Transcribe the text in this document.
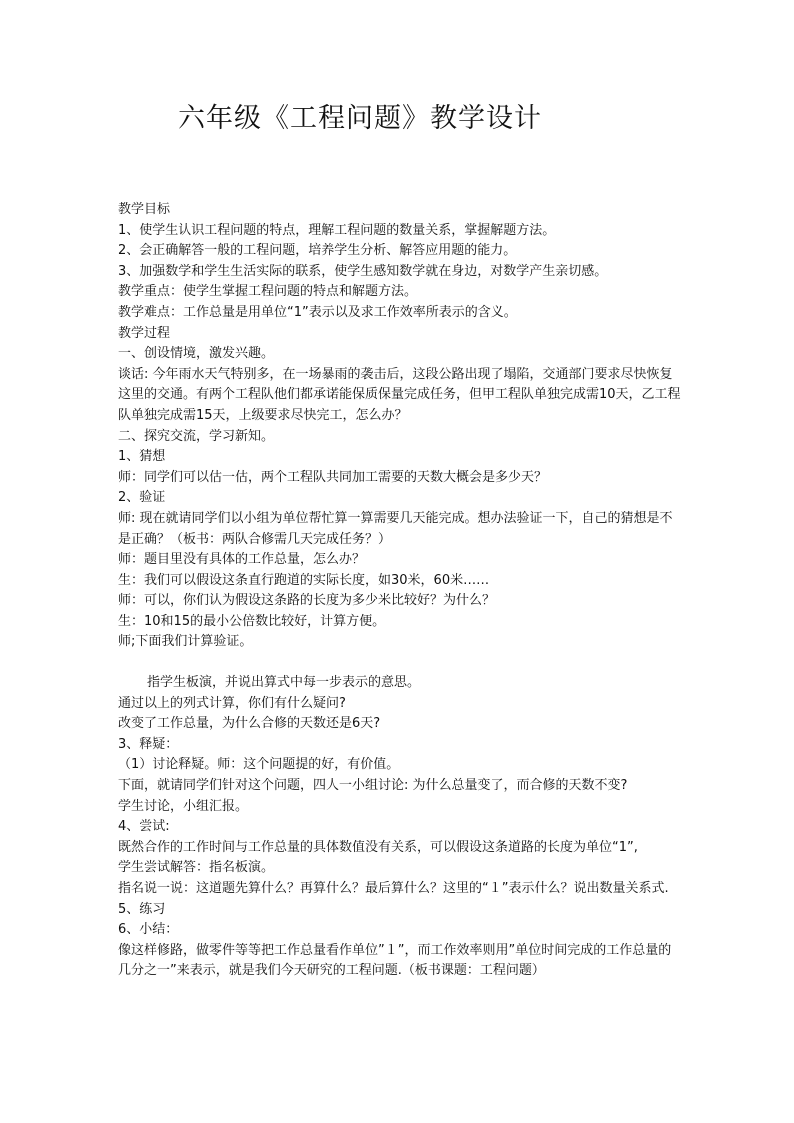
六年级《工程问题》教学设计
教学目标
1、使学生认识工程问题的特点，理解工程问题的数量关系，掌握解题方法。
2、会正确解答一般的工程问题，培养学生分析、解答应用题的能力。
3、加强数学和学生生活实际的联系，使学生感知数学就在身边，对数学产生亲切感。
教学重点：使学生掌握工程问题的特点和解题方法。
教学难点：工作总量是用单位“1”表示以及求工作效率所表示的含义。
教学过程
一、创设情境，激发兴趣。
谈话: 今年雨水天气特别多，在一场暴雨的袭击后，这段公路出现了塌陷，交通部门要求尽快恢复这里的交通。有两个工程队他们都承诺能保质保量完成任务，但甲工程队单独完成需10天，乙工程队单独完成需15天，上级要求尽快完工，怎么办？
二、探究交流，学习新知。
1、猜想
师：同学们可以估一估，两个工程队共同加工需要的天数大概会是多少天？
2、验证
师: 现在就请同学们以小组为单位帮忙算一算需要几天能完成。想办法验证一下，自己的猜想是不是正确？（板书：两队合修需几天完成任务？）
师：题目里没有具体的工作总量，怎么办？
生：我们可以假设这条直行跑道的实际长度，如30米，60米……
师：可以，你们认为假设这条路的长度为多少米比较好？为什么？
生：10和15的最小公倍数比较好，计算方便。
师;下面我们计算验证。
指学生板演，并说出算式中每一步表示的意思。
通过以上的列式计算，你们有什么疑问?
改变了工作总量，为什么合修的天数还是6天?
3、释疑：
（1）讨论释疑。师：这个问题提的好，有价值。
下面，就请同学们针对这个问题，四人一小组讨论: 为什么总量变了，而合修的天数不变?
学生讨论，小组汇报。
4、尝试:
既然合作的工作时间与工作总量的具体数值没有关系，可以假设这条道路的长度为单位“1”,
学生尝试解答：指名板演。
指名说一说：这道题先算什么？再算什么？最后算什么？这里的“１”表示什么？说出数量关系式.
5、练习
6、小结：
像这样修路，做零件等等把工作总量看作单位”１”，而工作效率则用”单位时间完成的工作总量的几分之一”来表示，就是我们今天研究的工程问题.（板书课题：工程问题）
